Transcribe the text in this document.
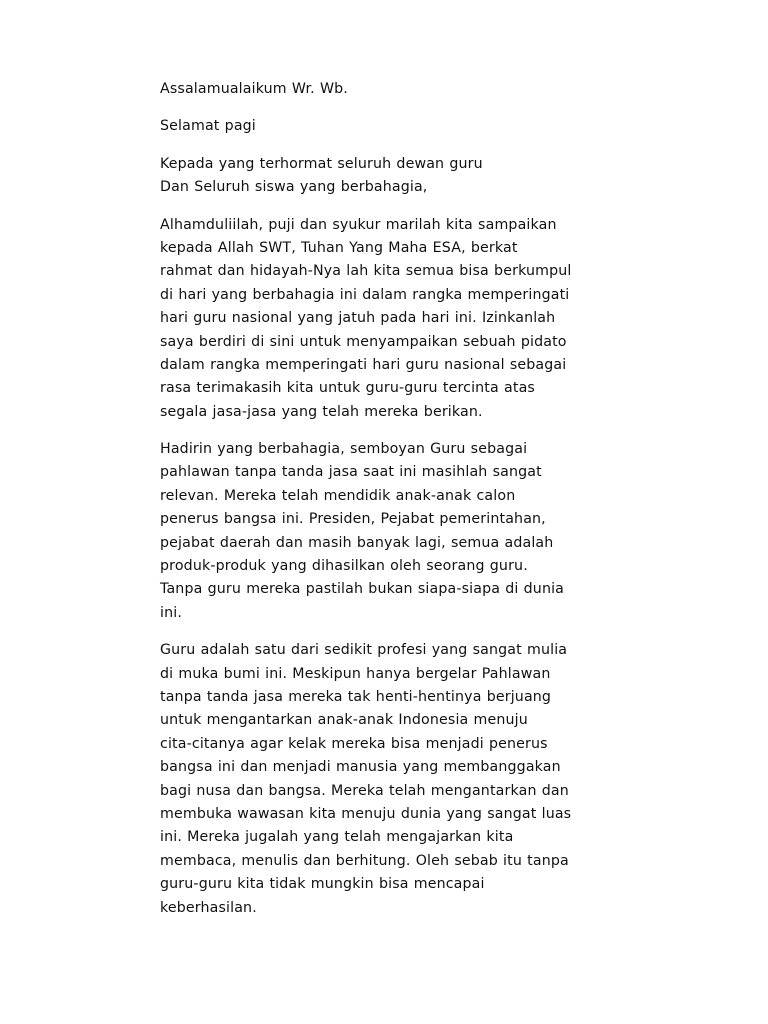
Assalamualaikum Wr. Wb.

Selamat pagi

Kepada yang terhormat seluruh dewan guru
Dan Seluruh siswa yang berbahagia,

Alhamduliilah, puji dan syukur marilah kita sampaikan
kepada Allah SWT, Tuhan Yang Maha ESA, berkat
rahmat dan hidayah-Nya lah kita semua bisa berkumpul
di hari yang berbahagia ini dalam rangka memperingati
hari guru nasional yang jatuh pada hari ini. Izinkanlah
saya berdiri di sini untuk menyampaikan sebuah pidato
dalam rangka memperingati hari guru nasional sebagai
rasa terimakasih kita untuk guru-guru tercinta atas
segala jasa-jasa yang telah mereka berikan.

Hadirin yang berbahagia, semboyan Guru sebagai
pahlawan tanpa tanda jasa saat ini masihlah sangat
relevan. Mereka telah mendidik anak-anak calon
penerus bangsa ini. Presiden, Pejabat pemerintahan,
pejabat daerah dan masih banyak lagi, semua adalah
produk-produk yang dihasilkan oleh seorang guru.
Tanpa guru mereka pastilah bukan siapa-siapa di dunia
ini.

Guru adalah satu dari sedikit profesi yang sangat mulia
di muka bumi ini. Meskipun hanya bergelar Pahlawan
tanpa tanda jasa mereka tak henti-hentinya berjuang
untuk mengantarkan anak-anak Indonesia menuju
cita-citanya agar kelak mereka bisa menjadi penerus
bangsa ini dan menjadi manusia yang membanggakan
bagi nusa dan bangsa. Mereka telah mengantarkan dan
membuka wawasan kita menuju dunia yang sangat luas
ini. Mereka jugalah yang telah mengajarkan kita
membaca, menulis dan berhitung. Oleh sebab itu tanpa
guru-guru kita tidak mungkin bisa mencapai
keberhasilan.
